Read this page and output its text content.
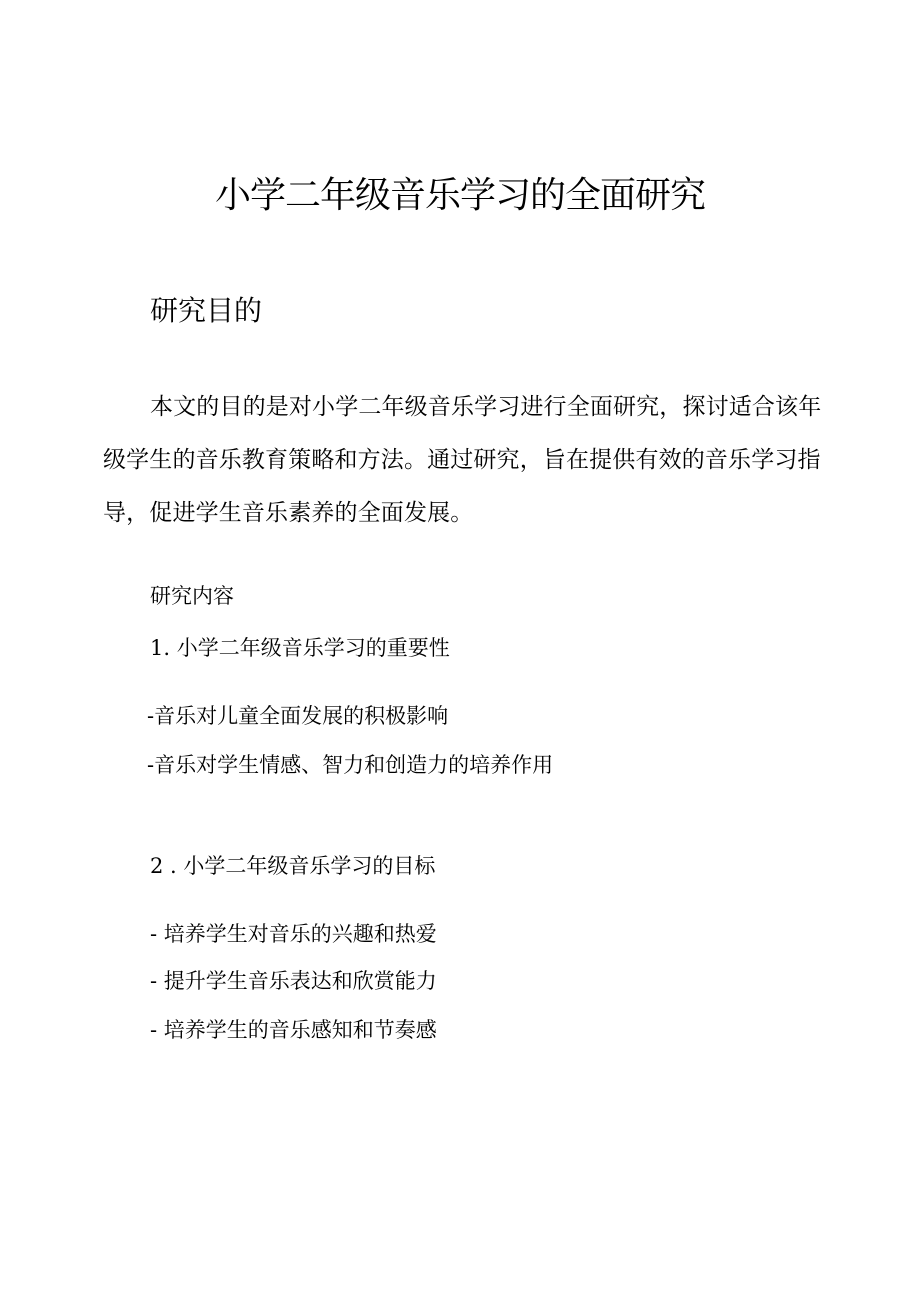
小学二年级音乐学习的全面研究
研究目的

本文的目的是对小学二年级音乐学习进行全面研究，探讨适合该年级学生的音乐教育策略和方法。通过研究，旨在提供有效的音乐学习指导，促进学生音乐素养的全面发展。

研究内容

1. 小学二年级音乐学习的重要性

-音乐对儿童全面发展的积极影响

-音乐对学生情感、智力和创造力的培养作用

2 . 小学二年级音乐学习的目标

- 培养学生对音乐的兴趣和热爱

- 提升学生音乐表达和欣赏能力

- 培养学生的音乐感知和节奏感
